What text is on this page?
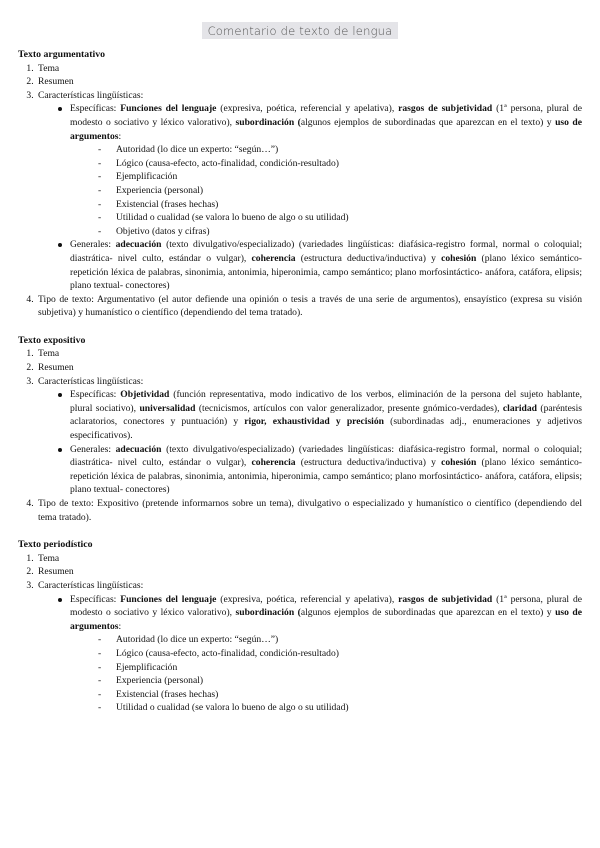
Comentario de texto de lengua
Texto argumentativo
1. Tema
2. Resumen
3. Características lingüísticas:
Específicas: Funciones del lenguaje (expresiva, poética, referencial y apelativa), rasgos de subjetividad (1ª persona, plural de modesto o sociativo y léxico valorativo), subordinación (algunos ejemplos de subordinadas que aparezcan en el texto) y uso de argumentos:
- Autoridad (lo dice un experto: “según…”)
- Lógico (causa-efecto, acto-finalidad, condición-resultado)
- Ejemplificación
- Experiencia (personal)
- Existencial (frases hechas)
- Utilidad o cualidad (se valora lo bueno de algo o su utilidad)
- Objetivo (datos y cifras)
Generales: adecuación (texto divulgativo/especializado) (variedades lingüísticas: diafásica-registro formal, normal o coloquial; diastrática- nivel culto, estándar o vulgar), coherencia (estructura deductiva/inductiva) y cohesión (plano léxico semántico- repetición léxica de palabras, sinonimia, antonimia, hiperonimia, campo semántico; plano morfosintáctico- anáfora, catáfora, elipsis; plano textual- conectores)
4. Tipo de texto: Argumentativo (el autor defiende una opinión o tesis a través de una serie de argumentos), ensayístico (expresa su visión subjetiva) y humanístico o científico (dependiendo del tema tratado).
Texto expositivo
1. Tema
2. Resumen
3. Características lingüísticas:
Específicas: Objetividad (función representativa, modo indicativo de los verbos, eliminación de la persona del sujeto hablante, plural sociativo), universalidad (tecnicismos, artículos con valor generalizador, presente gnómico-verdades), claridad (paréntesis aclaratorios, conectores y puntuación) y rigor, exhaustividad y precisión (subordinadas adj., enumeraciones y adjetivos especificativos).
Generales: adecuación (texto divulgativo/especializado) (variedades lingüísticas: diafásica-registro formal, normal o coloquial; diastrática- nivel culto, estándar o vulgar), coherencia (estructura deductiva/inductiva) y cohesión (plano léxico semántico- repetición léxica de palabras, sinonimia, antonimia, hiperonimia, campo semántico; plano morfosintáctico- anáfora, catáfora, elipsis; plano textual- conectores)
4. Tipo de texto: Expositivo (pretende informarnos sobre un tema), divulgativo o especializado y humanístico o científico (dependiendo del tema tratado).
Texto periodístico
1. Tema
2. Resumen
3. Características lingüísticas:
Específicas: Funciones del lenguaje (expresiva, poética, referencial y apelativa), rasgos de subjetividad (1ª persona, plural de modesto o sociativo y léxico valorativo), subordinación (algunos ejemplos de subordinadas que aparezcan en el texto) y uso de argumentos:
- Autoridad (lo dice un experto: “según…”)
- Lógico (causa-efecto, acto-finalidad, condición-resultado)
- Ejemplificación
- Experiencia (personal)
- Existencial (frases hechas)
- Utilidad o cualidad (se valora lo bueno de algo o su utilidad)
